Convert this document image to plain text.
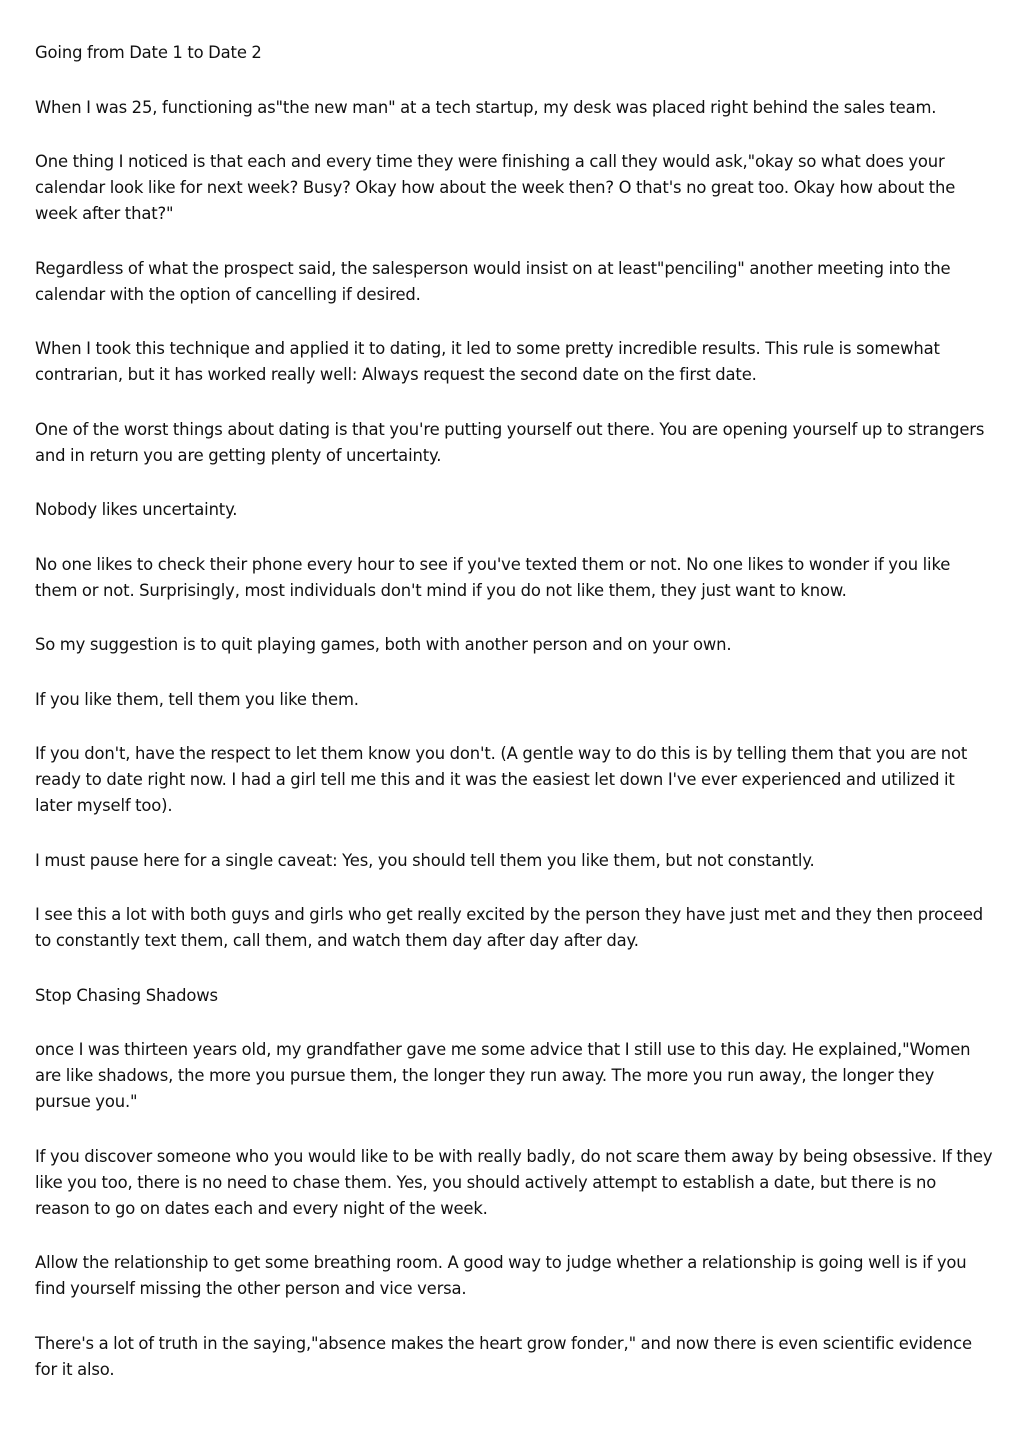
Going from Date 1 to Date 2

When I was 25, functioning as"the new man" at a tech startup, my desk was placed right behind the sales team.

One thing I noticed is that each and every time they were finishing a call they would ask,"okay so what does your calendar look like for next week? Busy? Okay how about the week then? O that's no great too. Okay how about the week after that?"

Regardless of what the prospect said, the salesperson would insist on at least"penciling" another meeting into the calendar with the option of cancelling if desired.

When I took this technique and applied it to dating, it led to some pretty incredible results. This rule is somewhat contrarian, but it has worked really well: Always request the second date on the first date.

One of the worst things about dating is that you're putting yourself out there. You are opening yourself up to strangers and in return you are getting plenty of uncertainty.

Nobody likes uncertainty.

No one likes to check their phone every hour to see if you've texted them or not. No one likes to wonder if you like them or not. Surprisingly, most individuals don't mind if you do not like them, they just want to know.

So my suggestion is to quit playing games, both with another person and on your own.

If you like them, tell them you like them.

If you don't, have the respect to let them know you don't. (A gentle way to do this is by telling them that you are not ready to date right now. I had a girl tell me this and it was the easiest let down I've ever experienced and utilized it later myself too).

I must pause here for a single caveat: Yes, you should tell them you like them, but not constantly.

I see this a lot with both guys and girls who get really excited by the person they have just met and they then proceed to constantly text them, call them, and watch them day after day after day.

Stop Chasing Shadows

once I was thirteen years old, my grandfather gave me some advice that I still use to this day. He explained,"Women are like shadows, the more you pursue them, the longer they run away. The more you run away, the longer they pursue you."

If you discover someone who you would like to be with really badly, do not scare them away by being obsessive. If they like you too, there is no need to chase them. Yes, you should actively attempt to establish a date, but there is no reason to go on dates each and every night of the week.

Allow the relationship to get some breathing room. A good way to judge whether a relationship is going well is if you find yourself missing the other person and vice versa.

There's a lot of truth in the saying,"absence makes the heart grow fonder," and now there is even scientific evidence for it also.
